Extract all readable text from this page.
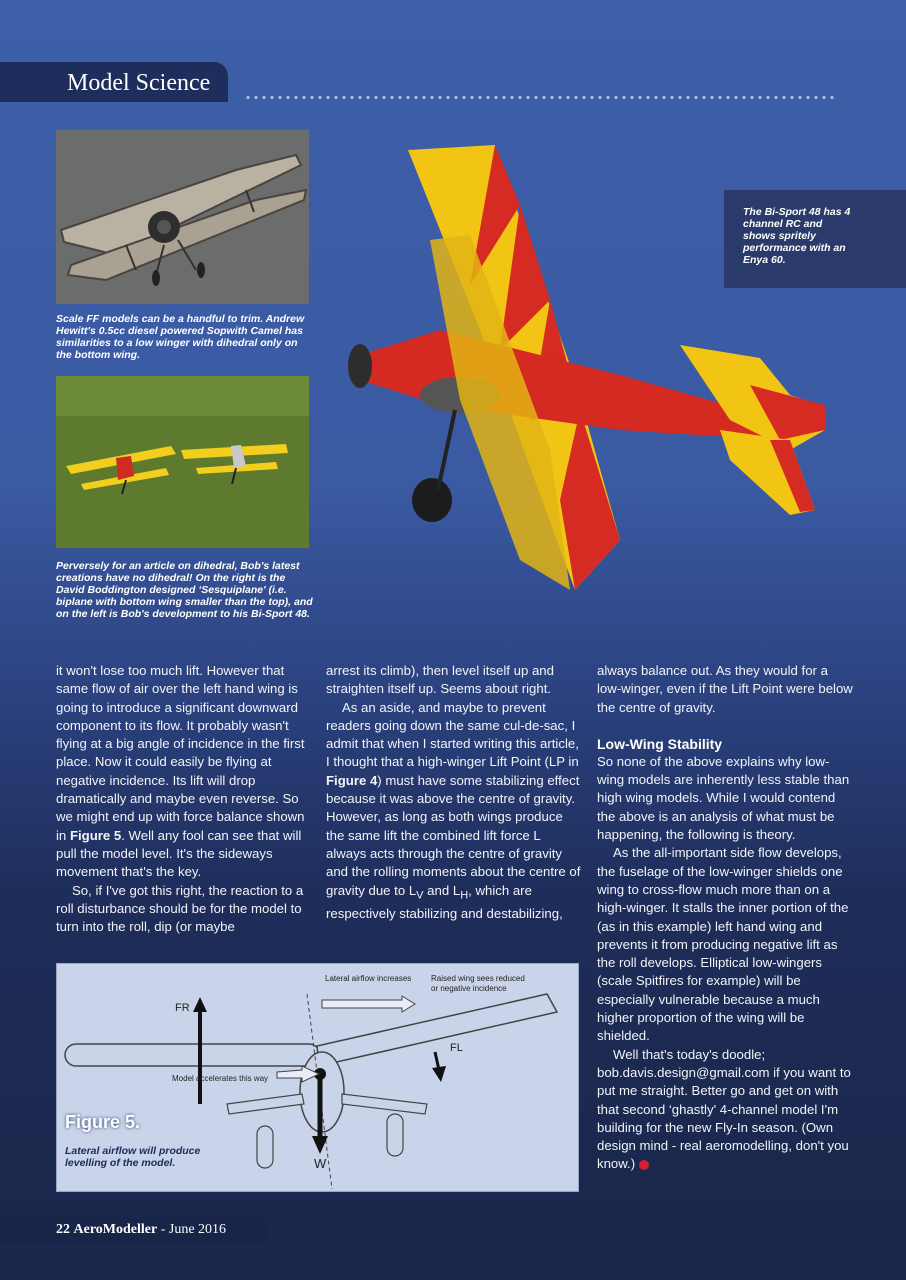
Model Science
Scale FF models can be a handful to trim. Andrew Hewitt's 0.5cc diesel powered Sopwith Camel has similarities to a low winger with dihedral only on the bottom wing.
Perversely for an article on dihedral, Bob's latest creations have no dihedral! On the right is the David Boddington designed ‘Sesquiplane' (i.e. biplane with bottom wing smaller than the top), and on the left is Bob's development to his Bi-Sport 48.
The Bi-Sport 48 has 4 channel RC and shows spritely performance with an Enya 60.

it won't lose too much lift. However that same flow of air over the left hand wing is going to introduce a significant downward component to its flow. It probably wasn't flying at a big angle of incidence in the first place. Now it could easily be flying at negative incidence. Its lift will drop dramatically and maybe even reverse. So we might end up with force balance shown in Figure 5. Well any fool can see that will pull the model level. It's the sideways movement that's the key.

So, if I've got this right, the reaction to a roll disturbance should be for the model to turn into the roll, dip (or maybe

arrest its climb), then level itself up and straighten itself up. Seems about right.

As an aside, and maybe to prevent readers going down the same cul-de-sac, I admit that when I started writing this article, I thought that a high-winger Lift Point (LP in Figure 4) must have some stabilizing effect because it was above the centre of gravity. However, as long as both wings produce the same lift the combined lift force L always acts through the centre of gravity and the rolling moments about the centre of gravity due to $L_V$ and $L_H$, which are respectively stabilizing and destabilizing,

always balance out. As they would for a low-winger, even if the Lift Point were below the centre of gravity.

Low-Wing Stability

So none of the above explains why low-wing models are inherently less stable than high wing models. While I would contend the above is an analysis of what must be happening, the following is theory.

As the all-important side flow develops, the fuselage of the low-winger shields one wing to cross-flow much more than on a high-winger. It stalls the inner portion of the (as in this example) left hand wing and prevents it from producing negative lift as the roll develops. Elliptical low-wingers (scale Spitfires for example) will be especially vulnerable because a much higher proportion of the wing will be shielded.

Well that's today's doodle; bob.davis.design@gmail.com if you want to put me straight. Better go and get on with that second ‘ghastly' 4-channel model I'm building for the new Fly-In season. (Own design mind - real aeromodelling, don't you know.)

Lateral airflow increases Raised wing sees reduced
or negative incidence
Model accelerates this way
FR
FL
W
Figure 5.
Lateral airflow will produce levelling of the model.
22 AeroModeller - June 2016
